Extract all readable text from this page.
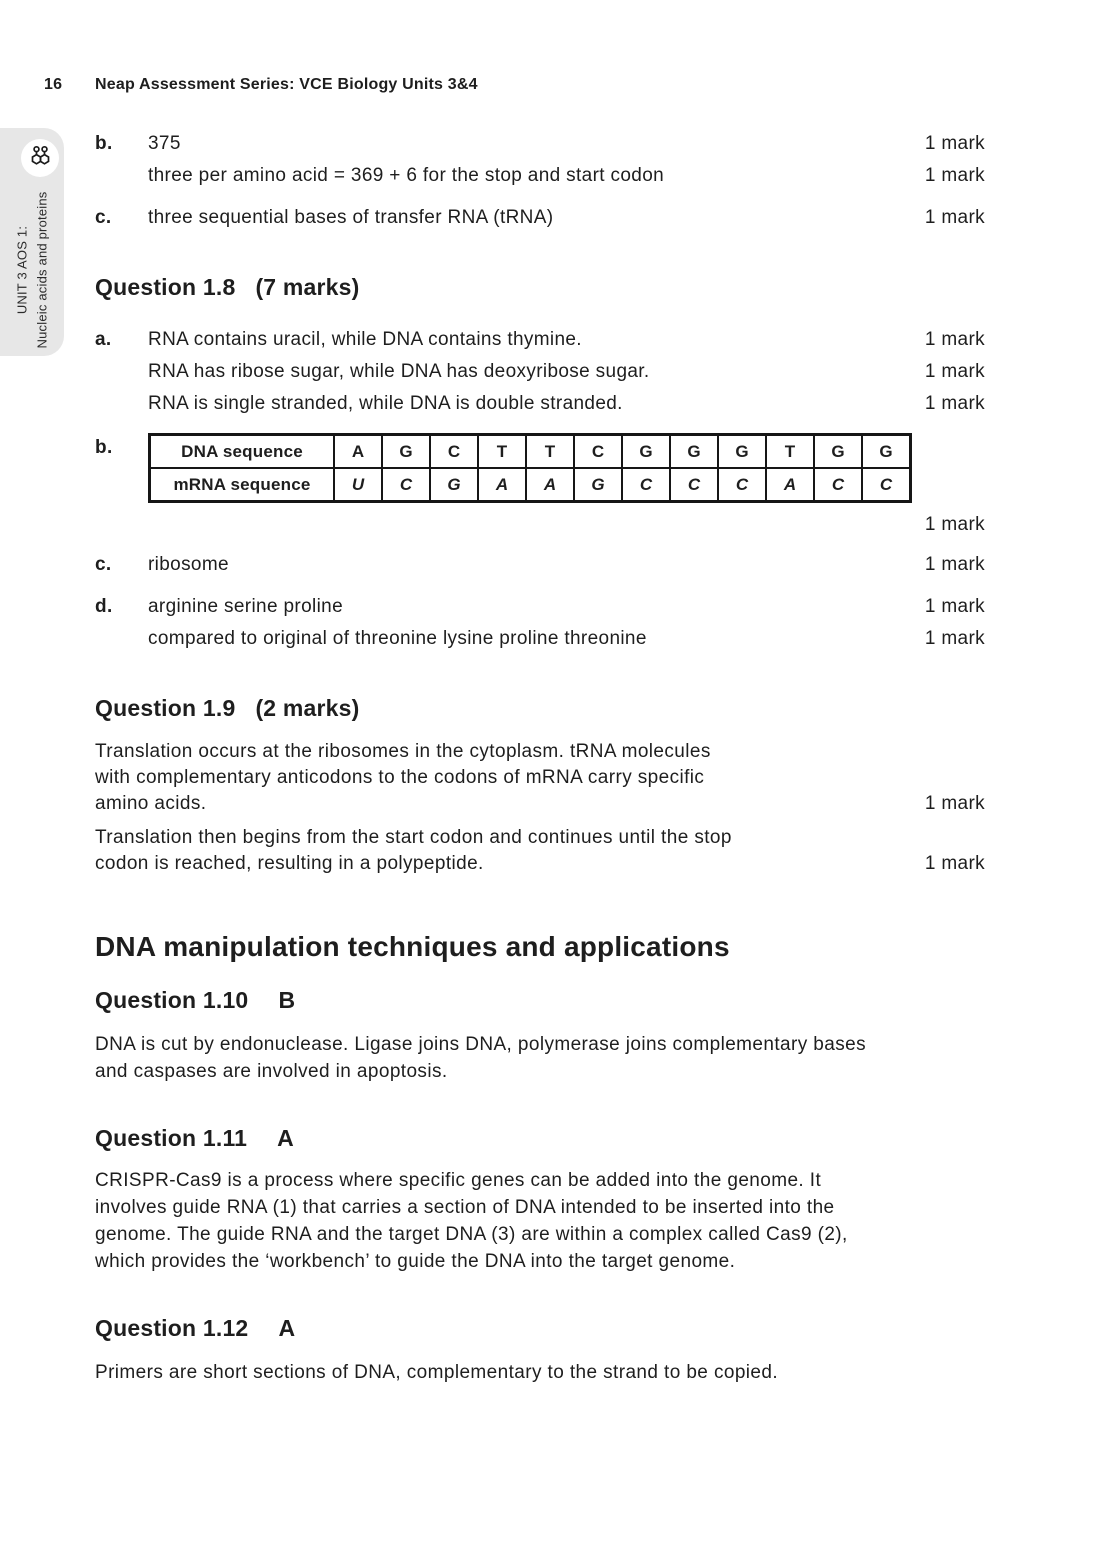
16 Neap Assessment Series: VCE Biology Units 3&4
UNIT 3 AOS 1: Nucleic acids and proteins
b.	375	1 mark
three per amino acid = 369 + 6 for the stop and start codon	1 mark
c.	three sequential bases of transfer RNA (tRNA)	1 mark
Question 1.8 (7 marks)
a.	RNA contains uracil, while DNA contains thymine.	1 mark
RNA has ribose sugar, while DNA has deoxyribose sugar.	1 mark
RNA is single stranded, while DNA is double stranded.	1 mark
b.	DNA sequence	A	G	C	T	T	C	G	G	G	T	G	G
mRNA sequence	U	C	G	A	A	G	C	C	C	A	C	C
1 mark
c.	ribosome	1 mark
d.	arginine serine proline	1 mark
compared to original of threonine lysine proline threonine	1 mark
Question 1.9 (2 marks)
Translation occurs at the ribosomes in the cytoplasm. tRNA molecules
with complementary anticodons to the codons of mRNA carry specific
amino acids.	1 mark
Translation then begins from the start codon and continues until the stop
codon is reached, resulting in a polypeptide.	1 mark
DNA manipulation techniques and applications
Question 1.10 B
DNA is cut by endonuclease. Ligase joins DNA, polymerase joins complementary bases
and caspases are involved in apoptosis.
Question 1.11 A
CRISPR-Cas9 is a process where specific genes can be added into the genome. It
involves guide RNA (1) that carries a section of DNA intended to be inserted into the
genome. The guide RNA and the target DNA (3) are within a complex called Cas9 (2),
which provides the ‘workbench’ to guide the DNA into the target genome.
Question 1.12 A
Primers are short sections of DNA, complementary to the strand to be copied.
